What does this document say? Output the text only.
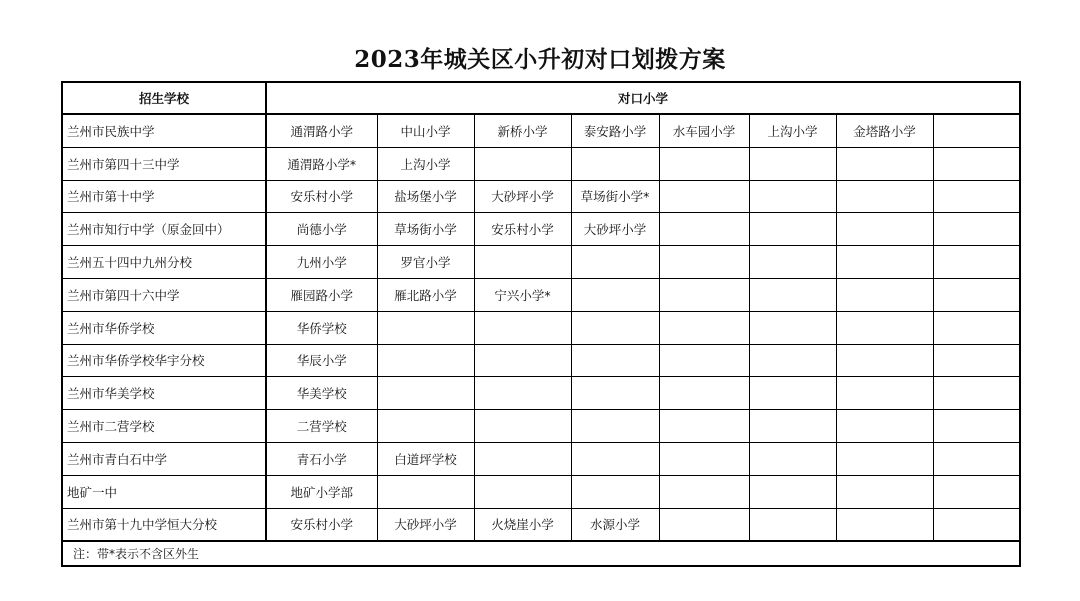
2023年城关区小升初对口划拨方案
招生学校	对口小学							
兰州市民族中学	通渭路小学	中山小学	新桥小学	泰安路小学	水车园小学	上沟小学	金塔路小学	
兰州市第四十三中学	通渭路小学*	上沟小学						
兰州市第十中学	安乐村小学	盐场堡小学	大砂坪小学	草场街小学*				
兰州市知行中学（原金回中）	尚德小学	草场街小学	安乐村小学	大砂坪小学				
兰州五十四中九州分校	九州小学	罗官小学						
兰州市第四十六中学	雁园路小学	雁北路小学	宁兴小学*					
兰州市华侨学校	华侨学校							
兰州市华侨学校华宇分校	华辰小学							
兰州市华美学校	华美学校							
兰州市二营学校	二营学校							
兰州市青白石中学	青石小学	白道坪学校						
地矿一中	地矿小学部							
兰州市第十九中学恒大分校	安乐村小学	大砂坪小学	火烧崖小学	水源小学				
注：带*表示不含区外生								
